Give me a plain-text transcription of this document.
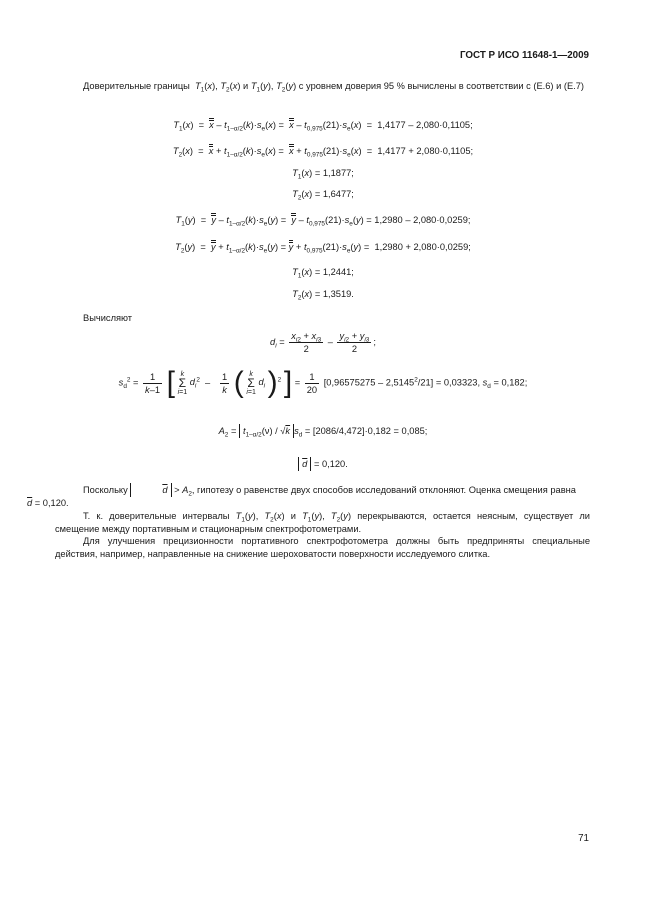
ГОСТ Р ИСО 11648-1—2009

Доверительные границы $T_1(x)$, $T_2(x)$ и $T_1(y)$, $T_2(y)$ с уровнем доверия 95 % вычислены в соответствии с (Е.6) и (Е.7)

$T_1(x) = x - t_{1-\alpha/2}(k)\cdot s_e(x) = x - t_{0,975}(21)\cdot s_e(x) = 1,4177 - 2,080\cdot 0,1105$;
$T_2(x) = x + t_{1-\alpha/2}(k)\cdot s_e(x) = x + t_{0,975}(21)\cdot s_e(x) = 1,4177 + 2,080\cdot 0,1105$;
$T_1(x) = 1,1877$;
$T_2(x) = 1,6477$;
$T_1(y) = y - t_{1-\alpha/2}(k)\cdot s_e(y) = y - t_{0,975}(21)\cdot s_e(y) = 1,2980 - 2,080\cdot 0,0259$;
$T_2(y) = y + t_{1-\alpha/2}(k)\cdot s_e(y) = y + t_{0,975}(21)\cdot s_e(y) = 1,2980 + 2,080\cdot 0,0259$;
$T_1(x) = 1,2441$;
$T_2(x) = 1,3519$.

Вычисляют

$d_i = \frac{x_{i2} + x_{i3}}{2} - \frac{y_{i2} + y_{i3}}{2}$ ;
$s_d^2 = \frac{1}{k-1}$ [ k
Σ
i=1 $d_i^2 - \frac{1}{k}$ ( k
Σ
i=1 $d_i$ )$^2$ ] = $\frac{1}{20} [0,96575275 - 2,5145^2/21] = 0,03323$, $s_d = 0,182$;
$A_2 = t_{1-\alpha/2}(\nu) / √k$ $s_d = [2086/4,472]\cdot 0,182 = 0,085$;
$\overline{d} = 0,120$.

Поскольку	$\overline{d} > A_2$, гипотезу о равенстве двух способов исследований отклоняют. Оценка смещения равна
$\overline{d} = 0,120$.

Т. к. доверительные интервалы $T_1(y)$, $T_2(x)$ и $T_1(y)$, $T_2(y)$ перекрываются, остается неясным, существует ли смещение между портативным и стационарным спектрофотометрами.

Для улучшения прецизионности портативного спектрофотометра должны быть предприняты специальные действия, например, направленные на снижение шероховатости поверхности исследуемого слитка.

71
